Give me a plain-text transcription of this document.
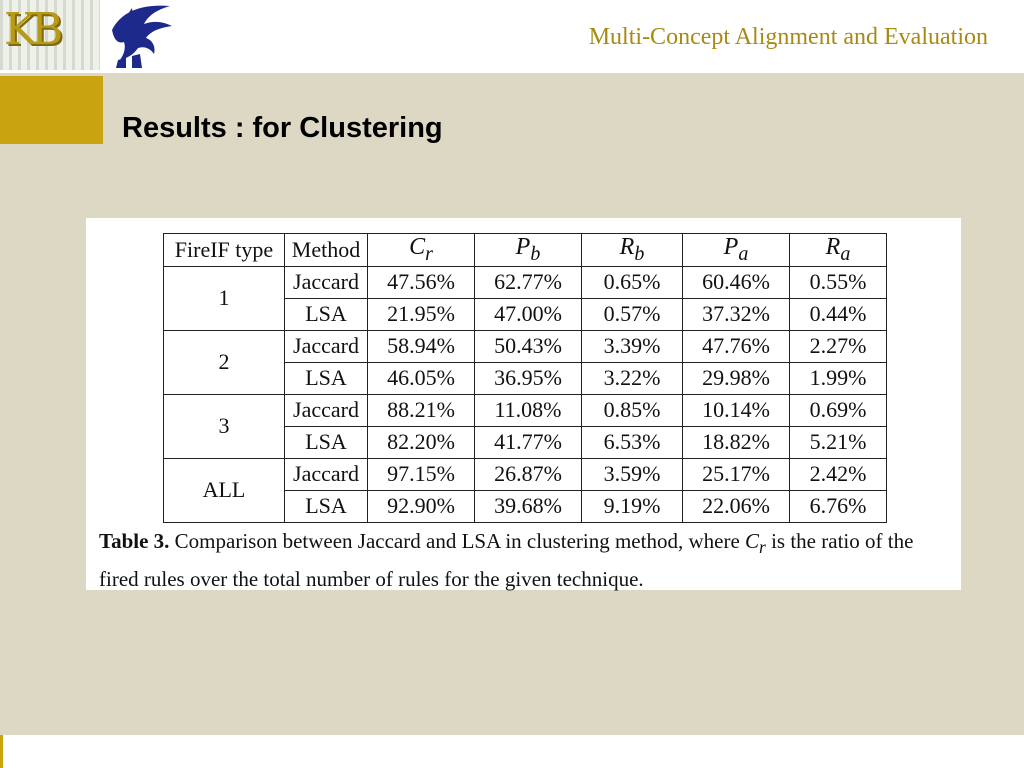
KB	Multi-Concept Alignment and Evaluation
Results : for Clustering
FireIF type	Method	$C_r$	$P_b$	$R_b$	$P_a$	$R_a$
1	Jaccard	47.56%	62.77%	0.65%	60.46%	0.55%
	LSA	21.95%	47.00%	0.57%	37.32%	0.44%
2	Jaccard	58.94%	50.43%	3.39%	47.76%	2.27%
	LSA	46.05%	36.95%	3.22%	29.98%	1.99%
3	Jaccard	88.21%	11.08%	0.85%	10.14%	0.69%
	LSA	82.20%	41.77%	6.53%	18.82%	5.21%
ALL	Jaccard	97.15%	26.87%	3.59%	25.17%	2.42%
	LSA	92.90%	39.68%	9.19%	22.06%	6.76%

Table 3. Comparison between Jaccard and LSA in clustering method, where $C_r$ is the ratio of the fired rules over the total number of rules for the given technique.
